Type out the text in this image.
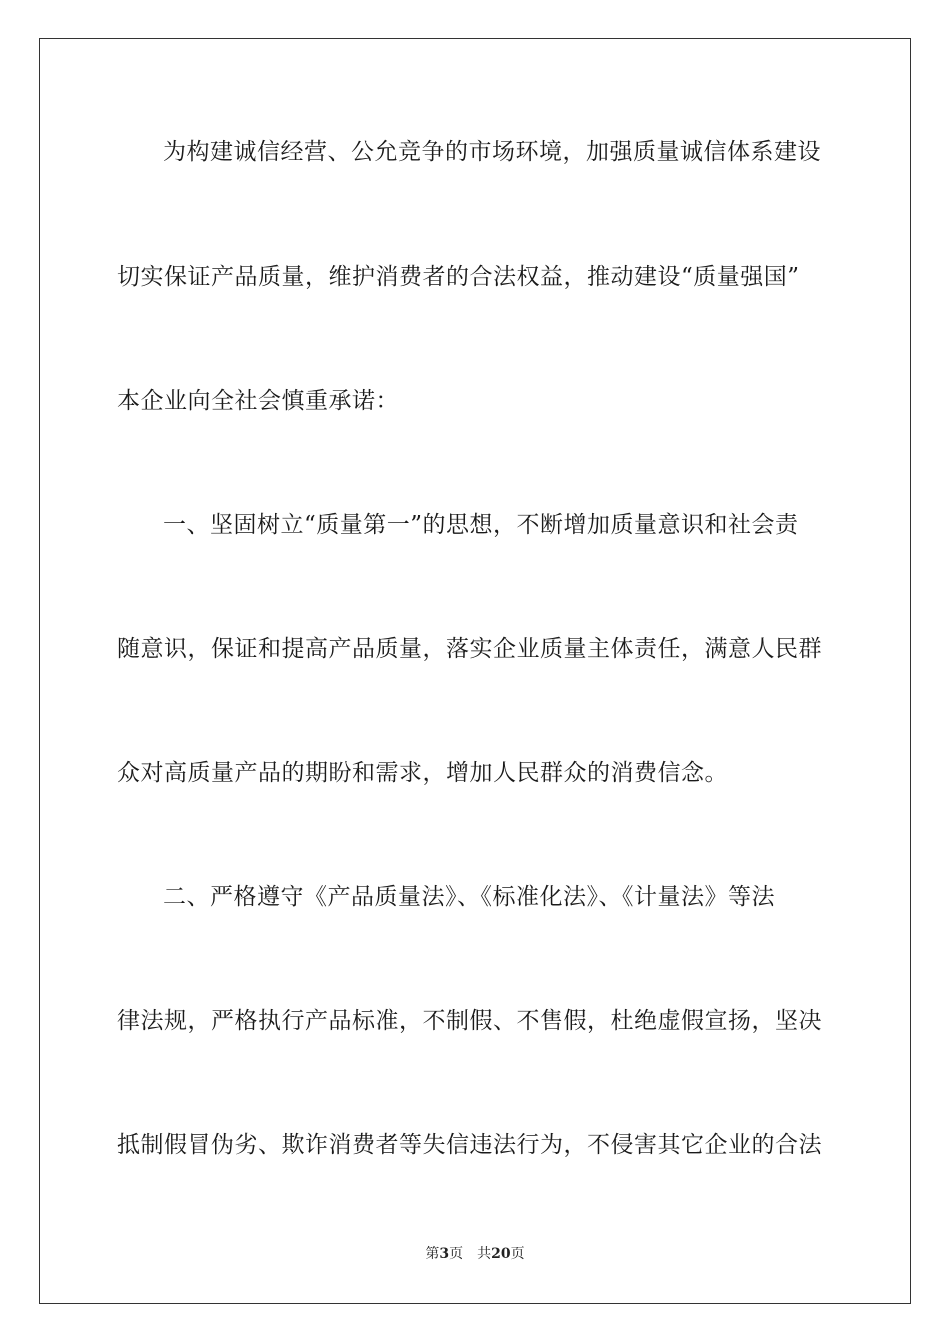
为构建诚信经营、公允竞争的市场环境，加强质量诚信体系建设
切实保证产品质量，维护消费者的合法权益，推动建设“质量强国”
本企业向全社会慎重承诺：
一、坚固树立“质量第一”的思想，不断增加质量意识和社会责
随意识，保证和提高产品质量，落实企业质量主体责任，满意人民群
众对高质量产品的期盼和需求，增加人民群众的消费信念。
二、严格遵守《产品质量法》、《标准化法》、《计量法》等法
律法规，严格执行产品标准，不制假、不售假，杜绝虚假宣扬，坚决
抵制假冒伪劣、欺诈消费者等失信违法行为，不侵害其它企业的合法
第3页 共20页
